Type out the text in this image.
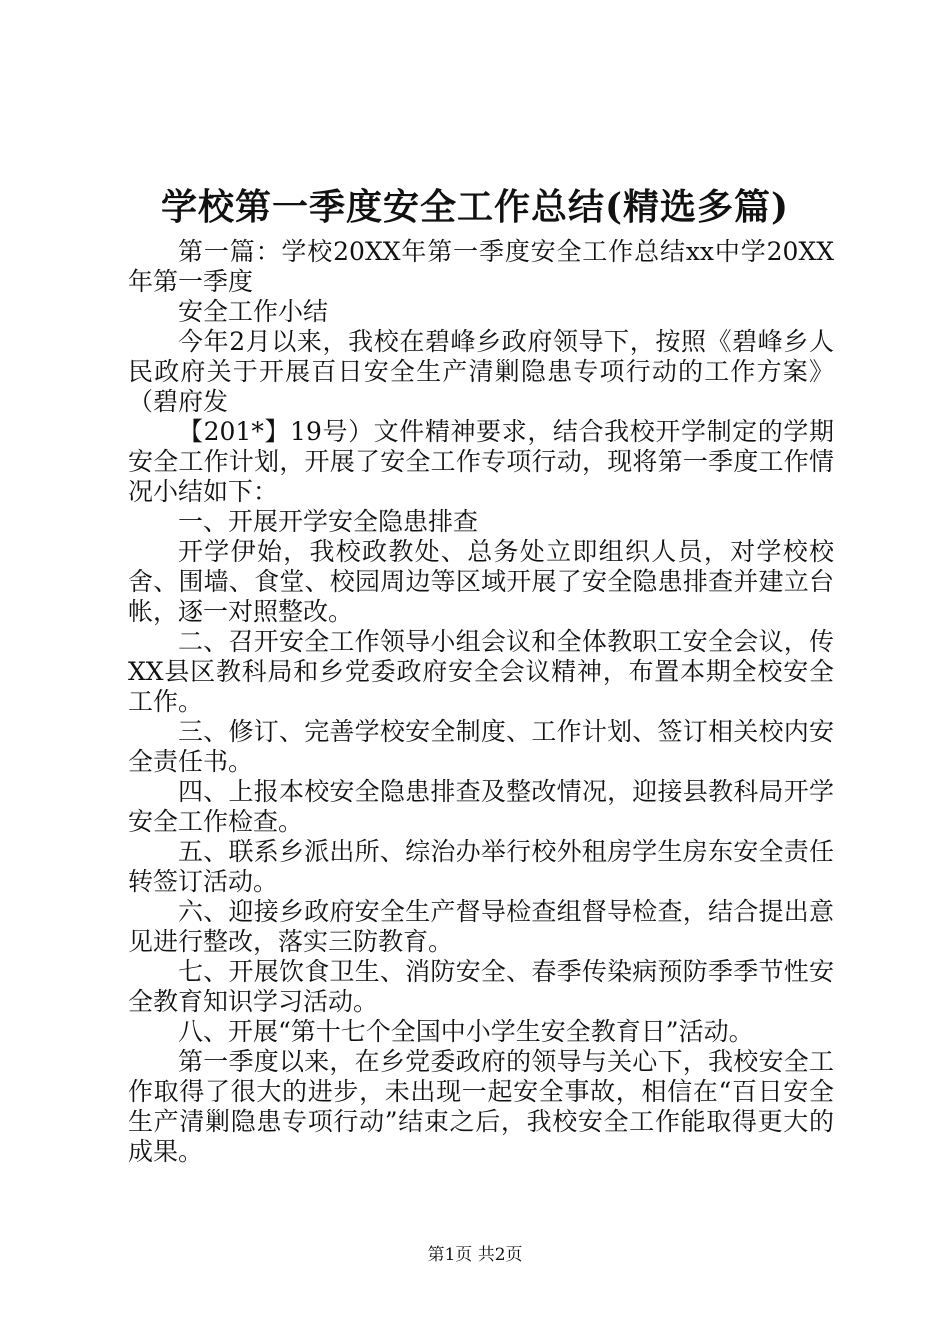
学校第一季度安全工作总结(精选多篇)

第一篇：学校20XX年第一季度安全工作总结xx中学20XX年第一季度

安全工作小结

今年2月以来，我校在碧峰乡政府领导下，按照《碧峰乡人民政府关于开展百日安全生产清剿隐患专项行动的工作方案》（碧府发

【201*】19号）文件精神要求，结合我校开学制定的学期安全工作计划，开展了安全工作专项行动，现将第一季度工作情况小结如下：

一、开展开学安全隐患排查

开学伊始，我校政教处、总务处立即组织人员，对学校校舍、围墙、食堂、校园周边等区域开展了安全隐患排查并建立台帐，逐一对照整改。

二、召开安全工作领导小组会议和全体教职工安全会议，传XX县区教科局和乡党委政府安全会议精神，布置本期全校安全工作。

三、修订、完善学校安全制度、工作计划、签订相关校内安全责任书。

四、上报本校安全隐患排查及整改情况，迎接县教科局开学安全工作检查。

五、联系乡派出所、综治办举行校外租房学生房东安全责任转签订活动。

六、迎接乡政府安全生产督导检查组督导检查，结合提出意见进行整改，落实三防教育。

七、开展饮食卫生、消防安全、春季传染病预防季季节性安全教育知识学习活动。

八、开展“第十七个全国中小学生安全教育日”活动。

第一季度以来，在乡党委政府的领导与关心下，我校安全工作取得了很大的进步，未出现一起安全事故，相信在“百日安全生产清剿隐患专项行动”结束之后，我校安全工作能取得更大的成果。

第1页 共2页
